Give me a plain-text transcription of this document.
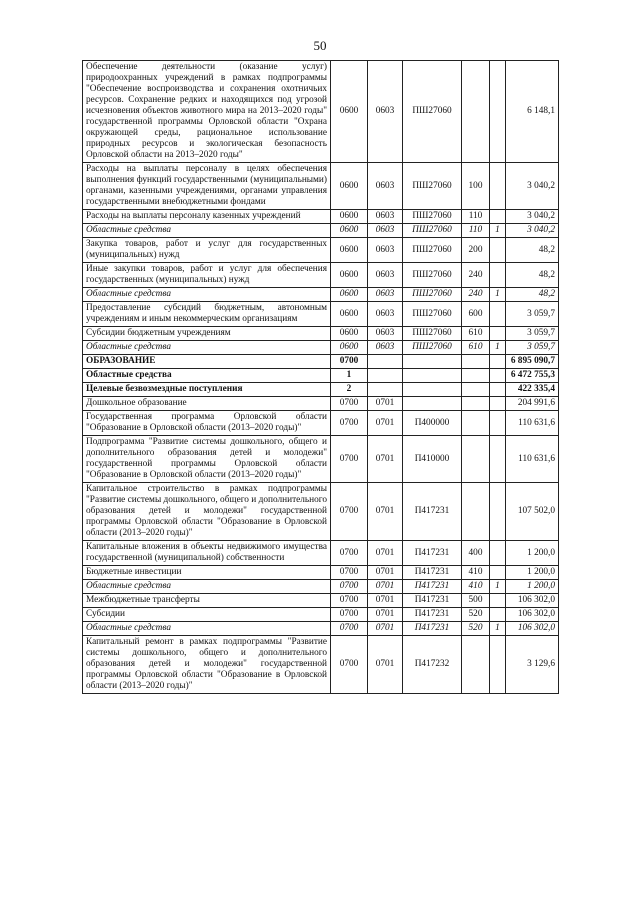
50
Обеспечение деятельности (оказание услуг) природоохранных учреждений в рамках подпрограммы "Обеспечение воспроизводства и сохранения охотничьих ресурсов. Сохранение редких и находящихся под угрозой исчезновения объектов животного мира на 2013–2020 годы" государственной программы Орловской области "Охрана окружающей среды, рациональное использование природных ресурсов и экологическая безопасность Орловской области на 2013–2020 годы"	0600	0603	ПШ27060			6 148,1
Расходы на выплаты персоналу в целях обеспечения выполнения функций государственными (муниципальными) органами, казенными учреждениями, органами управления государственными внебюджетными фондами	0600	0603	ПШ27060	100		3 040,2
Расходы на выплаты персоналу казенных учреждений	0600	0603	ПШ27060	110		3 040,2
Областные средства	0600	0603	ПШ27060	110	1	3 040,2
Закупка товаров, работ и услуг для государственных (муниципальных) нужд	0600	0603	ПШ27060	200		48,2
Иные закупки товаров, работ и услуг для обеспечения государственных (муниципальных) нужд	0600	0603	ПШ27060	240		48,2
Областные средства	0600	0603	ПШ27060	240	1	48,2
Предоставление субсидий бюджетным, автономным учреждениям и иным некоммерческим организациям	0600	0603	ПШ27060	600		3 059,7
Субсидии бюджетным учреждениям	0600	0603	ПШ27060	610		3 059,7
Областные средства	0600	0603	ПШ27060	610	1	3 059,7
ОБРАЗОВАНИЕ	0700					6 895 090,7
Областные средства	1					6 472 755,3
Целевые безвозмездные поступления	2					422 335,4
Дошкольное образование	0700	0701				204 991,6
Государственная программа Орловской области "Образование в Орловской области (2013–2020 годы)"	0700	0701	П400000			110 631,6
Подпрограмма "Развитие системы дошкольного, общего и дополнительного образования детей и молодежи" государственной программы Орловской области "Образование в Орловской области (2013–2020 годы)"	0700	0701	П410000			110 631,6
Капитальное строительство в рамках подпрограммы "Развитие системы дошкольного, общего и дополнительного образования детей и молодежи" государственной программы Орловской области "Образование в Орловской области (2013–2020 годы)"	0700	0701	П417231			107 502,0
Капитальные вложения в объекты недвижимого имущества государственной (муниципальной) собственности	0700	0701	П417231	400		1 200,0
Бюджетные инвестиции	0700	0701	П417231	410		1 200,0
Областные средства	0700	0701	П417231	410	1	1 200,0
Межбюджетные трансферты	0700	0701	П417231	500		106 302,0
Субсидии	0700	0701	П417231	520		106 302,0
Областные средства	0700	0701	П417231	520	1	106 302,0
Капитальный ремонт в рамках подпрограммы "Развитие системы дошкольного, общего и дополнительного образования детей и молодежи" государственной программы Орловской области "Образование в Орловской области (2013–2020 годы)"	0700	0701	П417232			3 129,6
